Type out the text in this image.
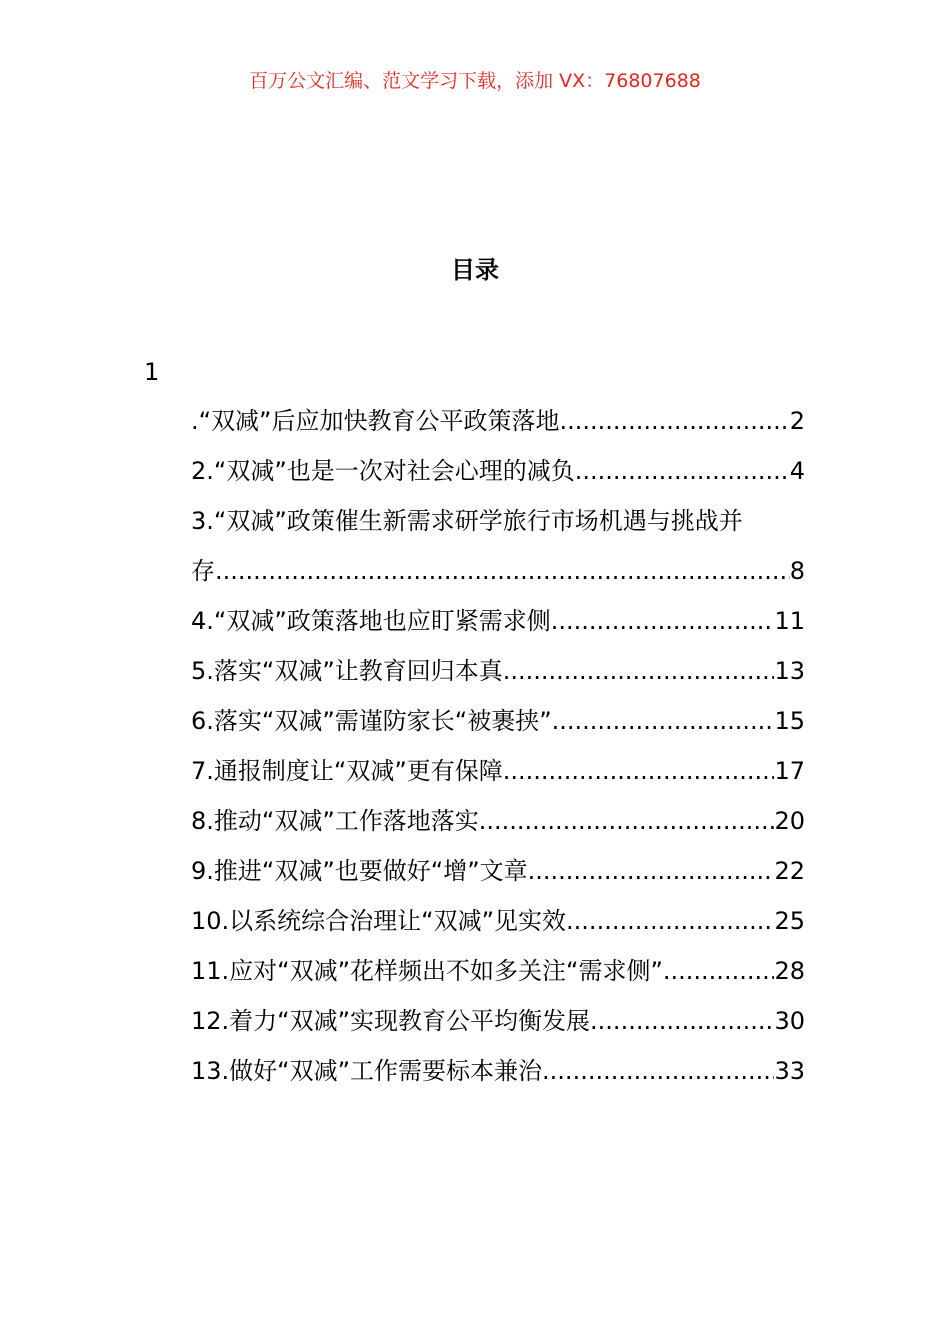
百万公文汇编、范文学习下载，添加 VX：76807688
目录
1
.“双减”后应加快教育公平政策落地 .....	2
2.“双减”也是一次对社会心理的减负 .....	4
3.“双减”政策催生新需求研学旅行市场机遇与挑战并
存 .....	8
4.“双减”政策落地也应盯紧需求侧 .....	11
5.落实“双减”让教育回归本真 .....	13
6.落实“双减”需谨防家长“被裹挟” .....	15
7.通报制度让“双减”更有保障 .....	17
8.推动“双减”工作落地落实 .....	20
9.推进“双减”也要做好“增”文章 .....	22
10.以系统综合治理让“双减”见实效 .....	25
11.应对“双减”花样频出不如多关注“需求侧” .....	28
12.着力“双减”实现教育公平均衡发展 .....	30
13.做好“双减”工作需要标本兼治 .....	33
